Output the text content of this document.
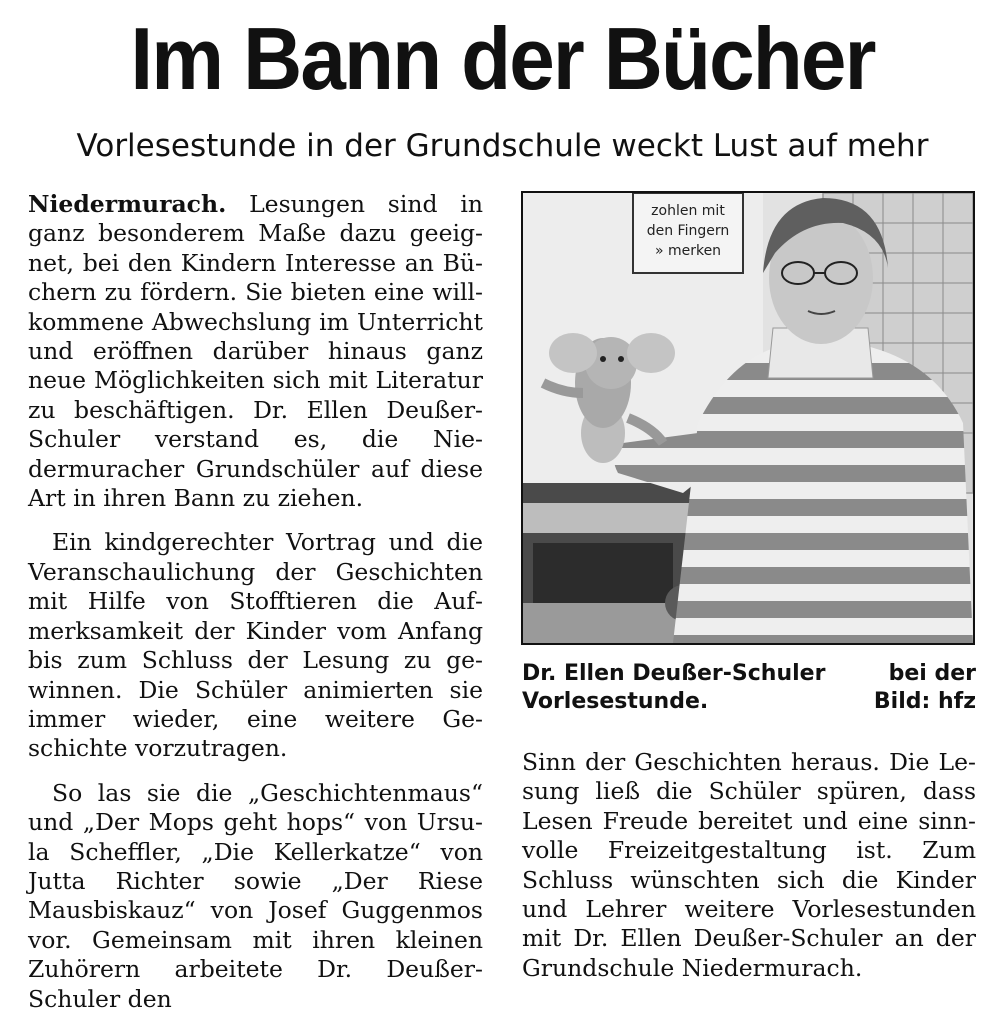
Im Bann der Bücher
Vorlesestunde in der Grundschule weckt Lust auf mehr

Niedermurach. Lesungen sind in ganz besonderem Maße dazu geeignet, bei den Kindern Interesse an Büchern zu fördern. Sie bieten eine willkommene Abwechslung im Unterricht und eröffnen darüber hinaus ganz neue Möglichkeiten sich mit Literatur zu beschäftigen. Dr. Ellen Deußer-Schuler verstand es, die Niedermuracher Grundschüler auf diese Art in ihren Bann zu ziehen.

Ein kindgerechter Vortrag und die Veranschaulichung der Geschichten mit Hilfe von Stofftieren die Aufmerksamkeit der Kinder vom Anfang bis zum Schluss der Lesung zu gewinnen. Die Schüler animierten sie immer wieder, eine weitere Geschichte vorzutragen.

So las sie die „Geschichtenmaus“ und „Der Mops geht hops“ von Ursula Scheffler, „Die Kellerkatze“ von Jutta Richter sowie „Der Riese Mausbiskauz“ von Josef Guggenmos vor. Gemeinsam mit ihren kleinen Zuhörern arbeitete Dr. Deußer-Schuler den

zohlen mit
den Fingern
» merken
Dr. Ellen Deußer-Schuler	bei der
Vorlesestunde.	Bild: hfz

Sinn der Geschichten heraus. Die Lesung ließ die Schüler spüren, dass Lesen Freude bereitet und eine sinnvolle Freizeitgestaltung ist. Zum Schluss wünschten sich die Kinder und Lehrer weitere Vorlesestunden mit Dr. Ellen Deußer-Schuler an der Grundschule Niedermurach.
